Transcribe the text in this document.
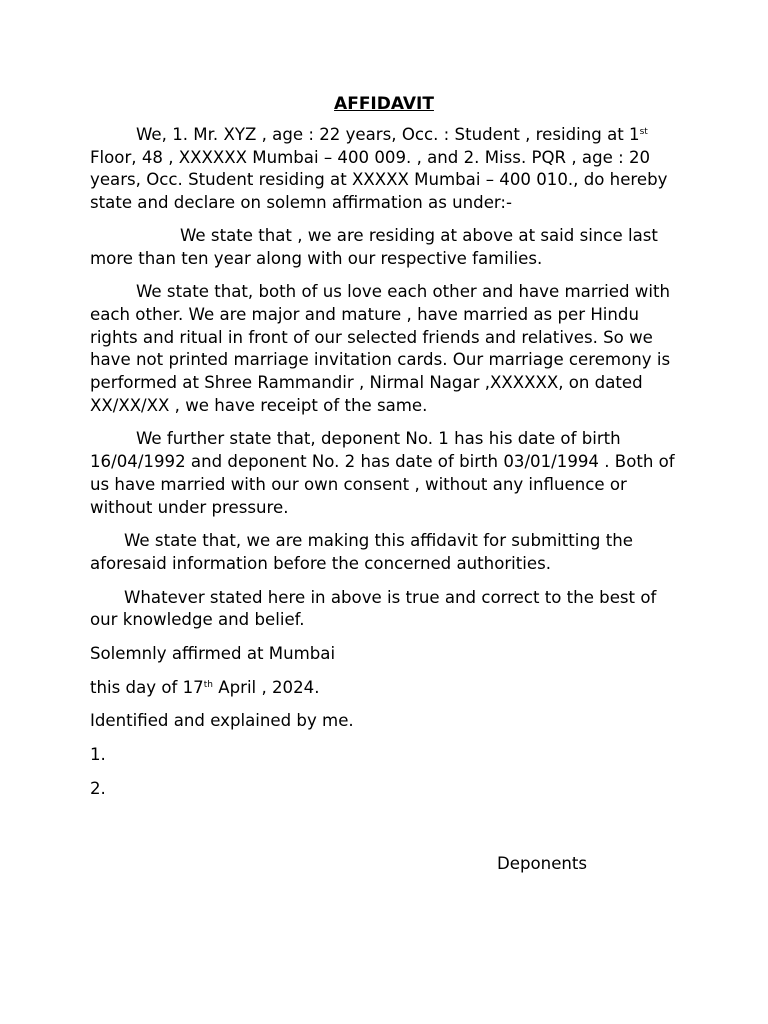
AFFIDAVIT

We, 1. Mr. XYZ , age : 22 years, Occ. : Student , residing at 1st Floor, 48 , XXXXXX Mumbai – 400 009. , and 2. Miss. PQR , age : 20 years, Occ. Student residing at XXXXX Mumbai – 400 010., do hereby state and declare on solemn affirmation as under:-

We state that , we are residing at above at said since last more than ten year along with our respective families.

We state that, both of us love each other and have married with each other. We are major and mature , have married as per Hindu rights and ritual in front of our selected friends and relatives. So we have not printed marriage invitation cards. Our marriage ceremony is performed at Shree Rammandir , Nirmal Nagar ,XXXXXX, on dated XX/XX/XX , we have receipt of the same.

We further state that, deponent No. 1 has his date of birth 16/04/1992 and deponent No. 2 has date of birth 03/01/1994 . Both of us have married with our own consent , without any influence or without under pressure.

We state that, we are making this affidavit for submitting the aforesaid information before the concerned authorities.

Whatever stated here in above is true and correct to the best of our knowledge and belief.

Solemnly affirmed at Mumbai

this day of 17th April , 2024.

Identified and explained by me.

1.

2.

Deponents
